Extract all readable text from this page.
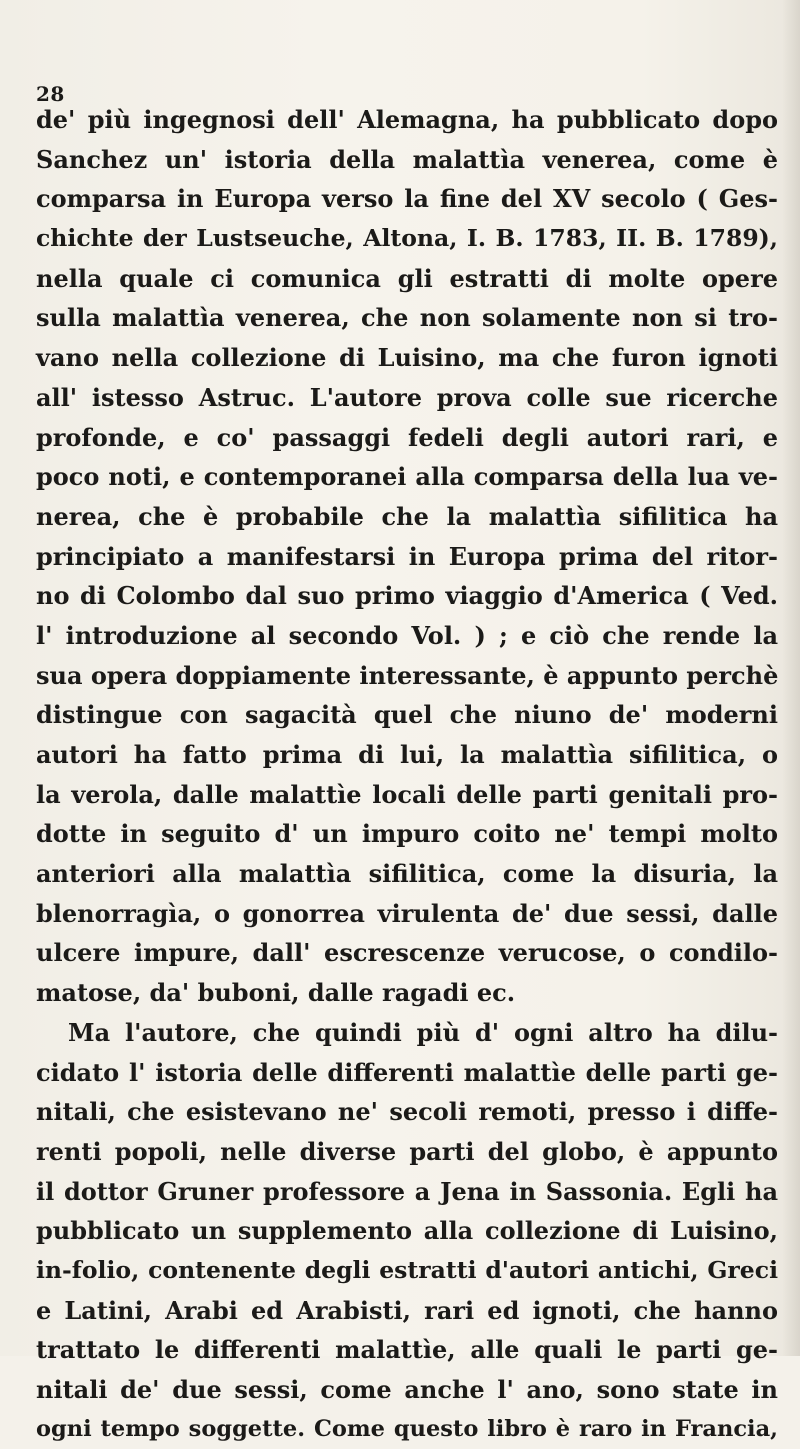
28
de' più ingegnosi dell' Alemagna, ha pubblicato dopo
Sanchez un' istoria della malattìa venerea, come è
comparsa in Europa verso la fine del XV secolo ( Ges-
chichte der Lustseuche, Altona, I. B. 1783, II. B. 1789),
nella quale ci comunica gli estratti di molte opere
sulla malattìa venerea, che non solamente non si tro-
vano nella collezione di Luisino, ma che furon ignoti
all' istesso Astruc. L'autore prova colle sue ricerche
profonde, e co' passaggi fedeli degli autori rari, e
poco noti, e contemporanei alla comparsa della lua ve-
nerea, che è probabile che la malattìa sifilitica ha
principiato a manifestarsi in Europa prima del ritor-
no di Colombo dal suo primo viaggio d'America ( Ved.
l' introduzione al secondo Vol. ) ; e ciò che rende la
sua opera doppiamente interessante, è appunto perchè
distingue con sagacità quel che niuno de' moderni
autori ha fatto prima di lui, la malattìa sifilitica, o
la verola, dalle malattìe locali delle parti genitali pro-
dotte in seguito d' un impuro coito ne' tempi molto
anteriori alla malattìa sifilitica, come la disuria, la
blenorragìa, o gonorrea virulenta de' due sessi, dalle
ulcere impure, dall' escrescenze verucose, o condilo-
matose, da' buboni, dalle ragadi ec.
Ma l'autore, che quindi più d' ogni altro ha dilu-
cidato l' istoria delle differenti malattìe delle parti ge-
nitali, che esistevano ne' secoli remoti, presso i diffe-
renti popoli, nelle diverse parti del globo, è appunto
il dottor Gruner professore a Jena in Sassonia. Egli ha
pubblicato un supplemento alla collezione di Luisino,
in-folio, contenente degli estratti d'autori antichi, Greci
e Latini, Arabi ed Arabisti, rari ed ignoti, che hanno
trattato le differenti malattìe, alle quali le parti ge-
nitali de' due sessi, come anche l' ano, sono state in
ogni tempo soggette. Come questo libro è raro in Francia,
